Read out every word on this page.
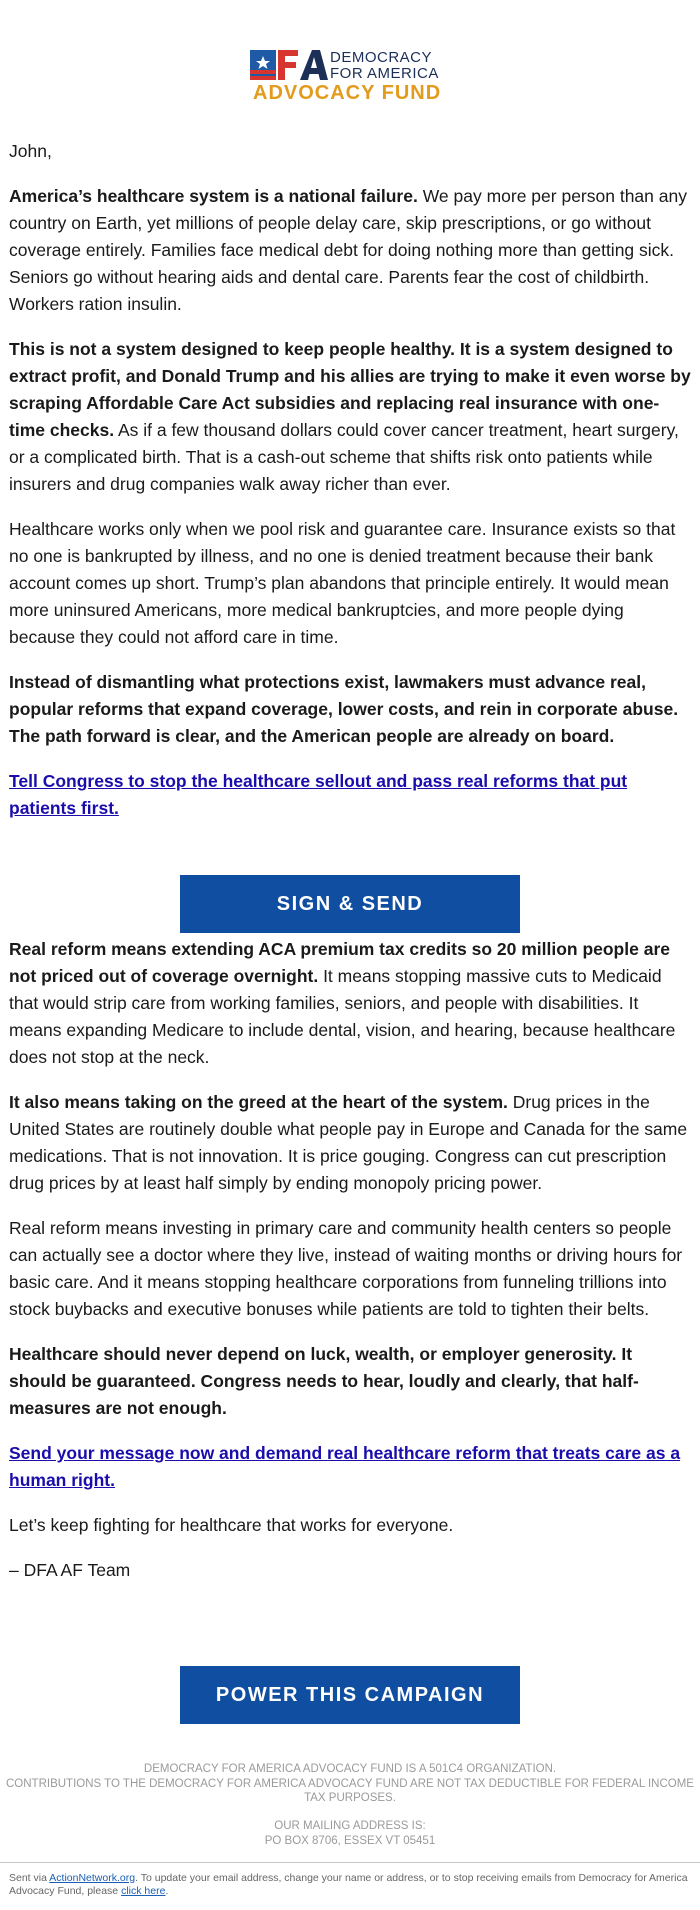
DEMOCRACY
FOR AMERICA
ADVOCACY FUND

John,

America’s healthcare system is a national failure. We pay more per person than any country on Earth, yet millions of people delay care, skip prescriptions, or go without coverage entirely. Families face medical debt for doing nothing more than getting sick. Seniors go without hearing aids and dental care. Parents fear the cost of childbirth. Workers ration insulin.

This is not a system designed to keep people healthy. It is a system designed to extract profit, and Donald Trump and his allies are trying to make it even worse by scraping Affordable Care Act subsidies and replacing real insurance with one-time checks. As if a few thousand dollars could cover cancer treatment, heart surgery, or a complicated birth. That is a cash-out scheme that shifts risk onto patients while insurers and drug companies walk away richer than ever.

Healthcare works only when we pool risk and guarantee care. Insurance exists so that no one is bankrupted by illness, and no one is denied treatment because their bank account comes up short. Trump’s plan abandons that principle entirely. It would mean more uninsured Americans, more medical bankruptcies, and more people dying because they could not afford care in time.

Instead of dismantling what protections exist, lawmakers must advance real, popular reforms that expand coverage, lower costs, and rein in corporate abuse. The path forward is clear, and the American people are already on board.

Tell Congress to stop the healthcare sellout and pass real reforms that put patients first.

Real reform means extending ACA premium tax credits so 20 million people are not priced out of coverage overnight. It means stopping massive cuts to Medicaid that would strip care from working families, seniors, and people with disabilities. It means expanding Medicare to include dental, vision, and hearing, because healthcare does not stop at the neck.

It also means taking on the greed at the heart of the system. Drug prices in the United States are routinely double what people pay in Europe and Canada for the same medications. That is not innovation. It is price gouging. Congress can cut prescription drug prices by at least half simply by ending monopoly pricing power.

Real reform means investing in primary care and community health centers so people can actually see a doctor where they live, instead of waiting months or driving hours for basic care. And it means stopping healthcare corporations from funneling trillions into stock buybacks and executive bonuses while patients are told to tighten their belts.

Healthcare should never depend on luck, wealth, or employer generosity. It should be guaranteed. Congress needs to hear, loudly and clearly, that half-measures are not enough.

Send your message now and demand real healthcare reform that treats care as a human right.

Let’s keep fighting for healthcare that works for everyone.

– DFA AF Team

SIGN & SEND
POWER THIS CAMPAIGN
DEMOCRACY FOR AMERICA ADVOCACY FUND IS A 501C4 ORGANIZATION.
CONTRIBUTIONS TO THE DEMOCRACY FOR AMERICA ADVOCACY FUND ARE NOT TAX DEDUCTIBLE FOR FEDERAL INCOME TAX PURPOSES.
OUR MAILING ADDRESS IS:
PO BOX 8706, ESSEX VT 05451
Sent via ActionNetwork.org. To update your email address, change your name or address, or to stop receiving emails from Democracy for America Advocacy Fund, please click here.
